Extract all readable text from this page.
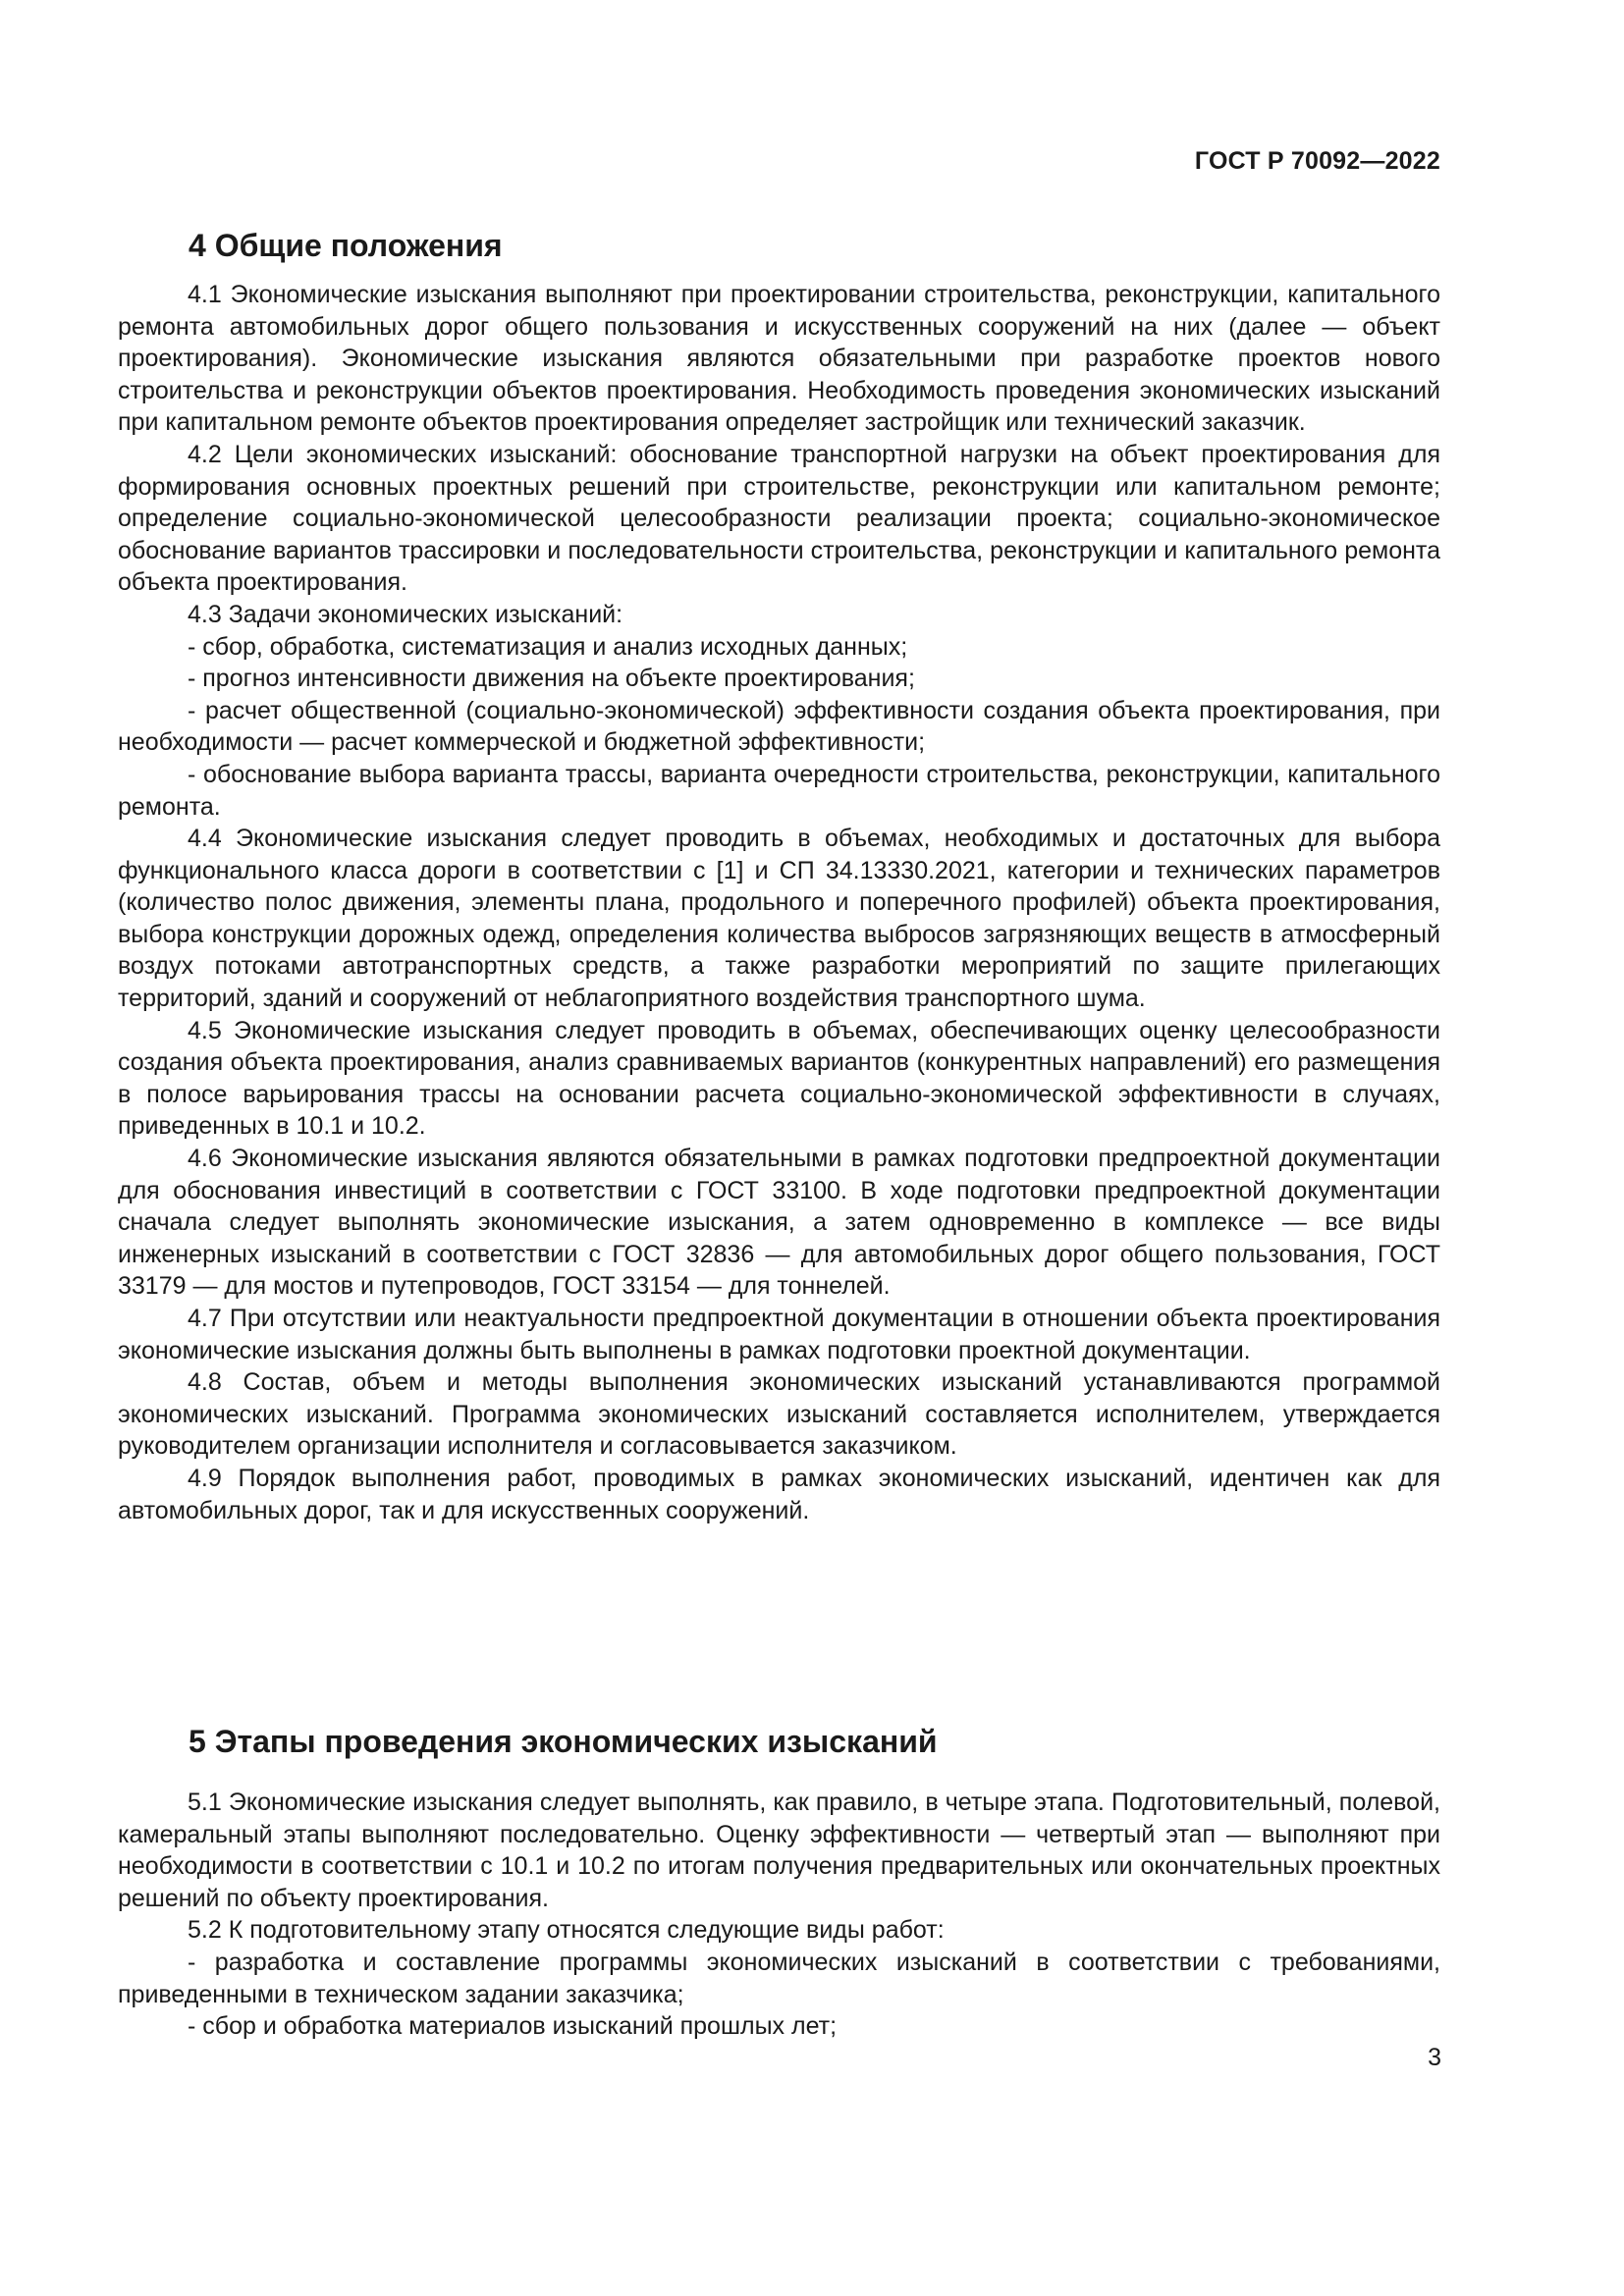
ГОСТ Р 70092—2022
4 Общие положения

4.1 Экономические изыскания выполняют при проектировании строительства, реконструкции, капитального ремонта автомобильных дорог общего пользования и искусственных сооружений на них (далее — объект проектирования). Экономические изыскания являются обязательными при разработке проектов нового строительства и реконструкции объектов проектирования. Необходимость проведения экономических изысканий при капитальном ремонте объектов проектирования определяет застройщик или технический заказчик.

4.2 Цели экономических изысканий: обоснование транспортной нагрузки на объект проектирования для формирования основных проектных решений при строительстве, реконструкции или капитальном ремонте; определение социально-экономической целесообразности реализации проекта; социально-экономическое обоснование вариантов трассировки и последовательности строительства, реконструкции и капитального ремонта объекта проектирования.

4.3 Задачи экономических изысканий:

- сбор, обработка, систематизация и анализ исходных данных;

- прогноз интенсивности движения на объекте проектирования;

- расчет общественной (социально-экономической) эффективности создания объекта проектирования, при необходимости — расчет коммерческой и бюджетной эффективности;

- обоснование выбора варианта трассы, варианта очередности строительства, реконструкции, капитального ремонта.

4.4 Экономические изыскания следует проводить в объемах, необходимых и достаточных для выбора функционального класса дороги в соответствии с [1] и СП 34.13330.2021, категории и технических параметров (количество полос движения, элементы плана, продольного и поперечного профилей) объекта проектирования, выбора конструкции дорожных одежд, определения количества выбросов загрязняющих веществ в атмосферный воздух потоками автотранспортных средств, а также разработки мероприятий по защите прилегающих территорий, зданий и сооружений от неблагоприятного воздействия транспортного шума.

4.5 Экономические изыскания следует проводить в объемах, обеспечивающих оценку целесообразности создания объекта проектирования, анализ сравниваемых вариантов (конкурентных направлений) его размещения в полосе варьирования трассы на основании расчета социально-экономической эффективности в случаях, приведенных в 10.1 и 10.2.

4.6 Экономические изыскания являются обязательными в рамках подготовки предпроектной документации для обоснования инвестиций в соответствии с ГОСТ 33100. В ходе подготовки предпроектной документации сначала следует выполнять экономические изыскания, а затем одновременно в комплексе — все виды инженерных изысканий в соответствии с ГОСТ 32836 — для автомобильных дорог общего пользования, ГОСТ 33179 — для мостов и путепроводов, ГОСТ 33154 — для тоннелей.

4.7 При отсутствии или неактуальности предпроектной документации в отношении объекта проектирования экономические изыскания должны быть выполнены в рамках подготовки проектной документации.

4.8 Состав, объем и методы выполнения экономических изысканий устанавливаются программой экономических изысканий. Программа экономических изысканий составляется исполнителем, утверждается руководителем организации исполнителя и согласовывается заказчиком.

4.9 Порядок выполнения работ, проводимых в рамках экономических изысканий, идентичен как для автомобильных дорог, так и для искусственных сооружений.

5 Этапы проведения экономических изысканий

5.1 Экономические изыскания следует выполнять, как правило, в четыре этапа. Подготовительный, полевой, камеральный этапы выполняют последовательно. Оценку эффективности — четвертый этап — выполняют при необходимости в соответствии с 10.1 и 10.2 по итогам получения предварительных или окончательных проектных решений по объекту проектирования.

5.2 К подготовительному этапу относятся следующие виды работ:

- разработка и составление программы экономических изысканий в соответствии с требованиями, приведенными в техническом задании заказчика;

- сбор и обработка материалов изысканий прошлых лет;

3
